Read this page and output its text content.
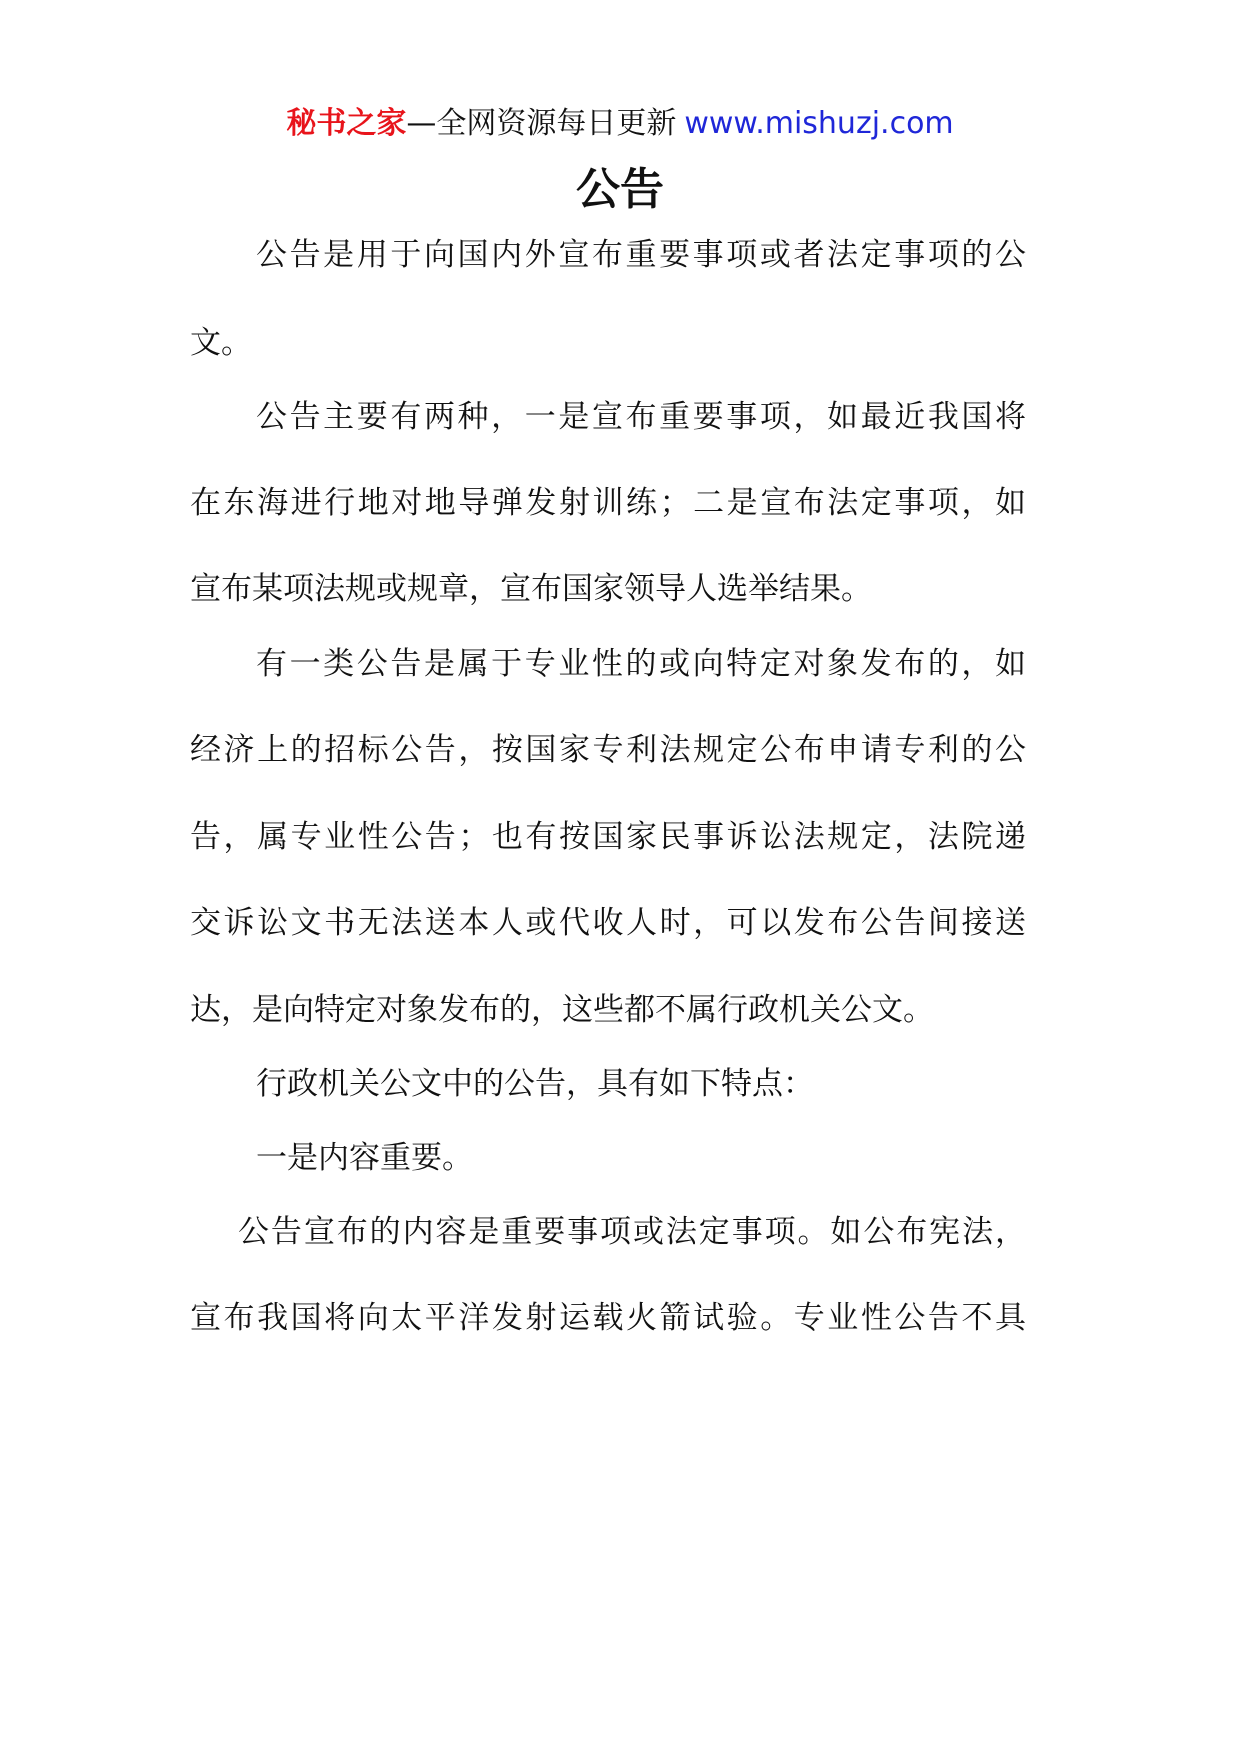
秘书之家—全网资源每日更新 www.mishuzj.com
公告
公告是用于向国内外宣布重要事项或者法定事项的公
文。
公告主要有两种，一是宣布重要事项，如最近我国将
在东海进行地对地导弹发射训练；二是宣布法定事项，如
宣布某项法规或规章，宣布国家领导人选举结果。
有一类公告是属于专业性的或向特定对象发布的，如
经济上的招标公告，按国家专利法规定公布申请专利的公
告，属专业性公告；也有按国家民事诉讼法规定，法院递
交诉讼文书无法送本人或代收人时，可以发布公告间接送
达，是向特定对象发布的，这些都不属行政机关公文。
行政机关公文中的公告，具有如下特点：
一是内容重要。
公告宣布的内容是重要事项或法定事项。如公布宪法，
宣布我国将向太平洋发射运载火箭试验。专业性公告不具
